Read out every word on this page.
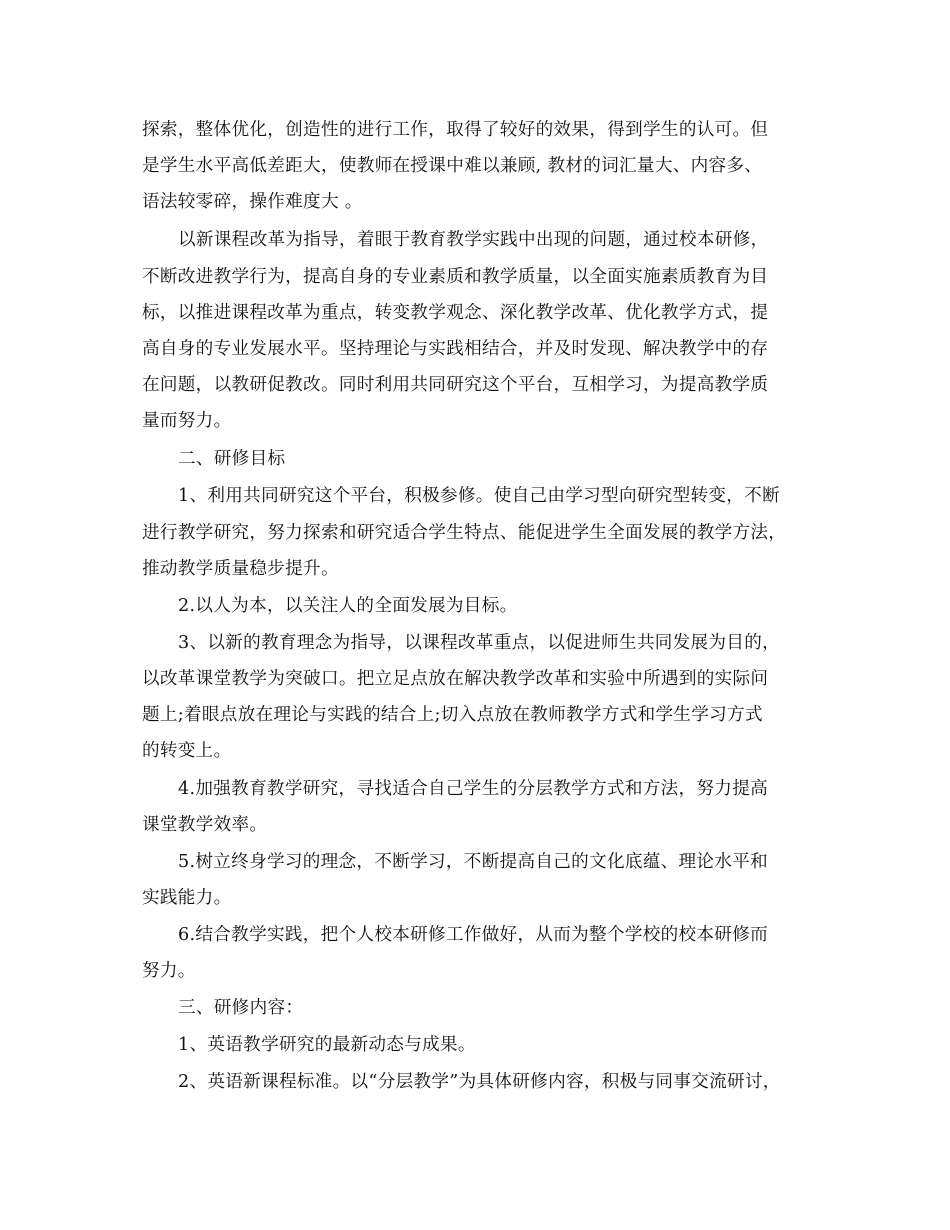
探索，整体优化，创造性的进行工作，取得了较好的效果，得到学生的认可。但
是学生水平高低差距大，使教师在授课中难以兼顾, 教材的词汇量大、内容多、
语法较零碎，操作难度大 。
以新课程改革为指导，着眼于教育教学实践中出现的问题，通过校本研修，
不断改进教学行为，提高自身的专业素质和教学质量，以全面实施素质教育为目
标，以推进课程改革为重点，转变教学观念、深化教学改革、优化教学方式，提
高自身的专业发展水平。坚持理论与实践相结合，并及时发现、解决教学中的存
在问题，以教研促教改。同时利用共同研究这个平台，互相学习，为提高教学质
量而努力。
二、研修目标
1、利用共同研究这个平台，积极参修。使自己由学习型向研究型转变，不断
进行教学研究，努力探索和研究适合学生特点、能促进学生全面发展的教学方法，
推动教学质量稳步提升。
2.以人为本，以关注人的全面发展为目标。
3、以新的教育理念为指导，以课程改革重点，以促进师生共同发展为目的，
以改革课堂教学为突破口。把立足点放在解决教学改革和实验中所遇到的实际问
题上;着眼点放在理论与实践的结合上;切入点放在教师教学方式和学生学习方式
的转变上。
4.加强教育教学研究，寻找适合自己学生的分层教学方式和方法，努力提高
课堂教学效率。
5.树立终身学习的理念，不断学习，不断提高自己的文化底蕴、理论水平和
实践能力。
6.结合教学实践，把个人校本研修工作做好，从而为整个学校的校本研修而
努力。
三、研修内容：
1、英语教学研究的最新动态与成果。
2、英语新课程标准。以“分层教学”为具体研修内容，积极与同事交流研讨，
